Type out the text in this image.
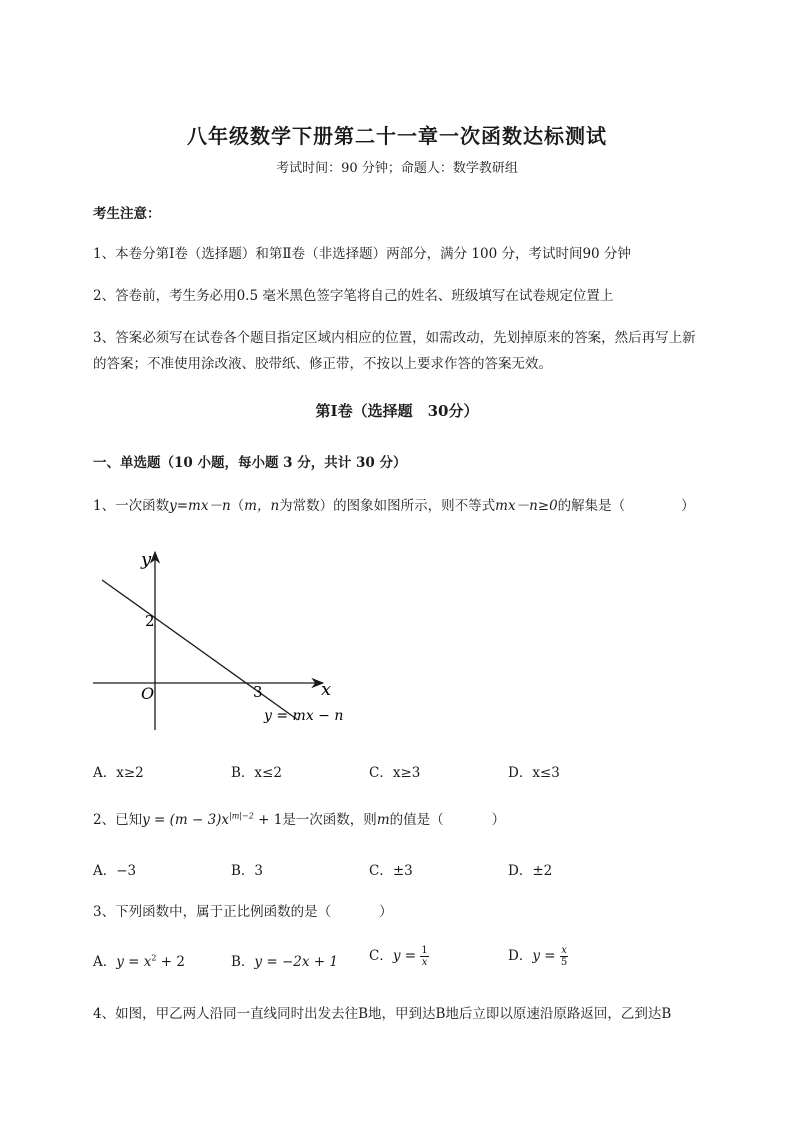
八年级数学下册第二十一章一次函数达标测试
考试时间：90 分钟；命题人：数学教研组
考生注意：
1、本卷分第Ⅰ卷（选择题）和第Ⅱ卷（非选择题）两部分，满分 100 分，考试时间90 分钟
2、答卷前，考生务必用0.5 毫米黑色签字笔将自己的姓名、班级填写在试卷规定位置上
3、答案必须写在试卷各个题目指定区域内相应的位置，如需改动，先划掉原来的答案，然后再写上新
的答案；不准使用涂改液、胶带纸、修正带，不按以上要求作答的答案无效。
第Ⅰ卷（选择题　30分）
一、单选题（10 小题，每小题 3 分，共计 30 分）
1、一次函数y=mx－n（m，n为常数）的图象如图所示，则不等式mx－n≥0的解集是（	）
y
x
O
2
3
y = mx − n
A．x≥2	B．x≤2	C．x≥3	D．x≤3
2、已知$y = (m - 3)x^{|m|-2} + 1$是一次函数，则m的值是（	）
A．−3	B．3	C．±3	D．±2
3、下列函数中，属于正比例函数的是（	）
A．$y = x^2 + 2$	B．y = −2x + 1 C．$y = \frac{1}{x}$	D．$y = \frac{x}{5}$
4、如图，甲乙两人沿同一直线同时出发去往B地，甲到达B地后立即以原速沿原路返回，乙到达B
